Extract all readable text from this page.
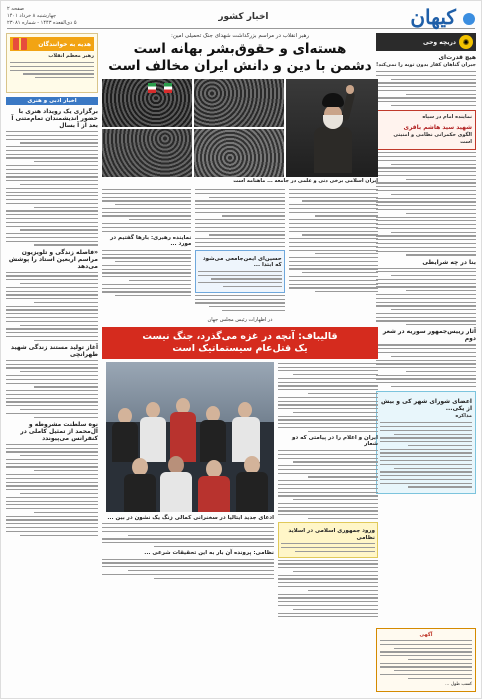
کیهان
اخبار کشور
صفحه ۲
چهارشنبه ۸ خرداد ۱۴۰۱
۵ ذی‌القعده ۱۴۴۳ - شماره ۲۳۰۸۱
✺
دریچه وحی
هیچ قدرت‌ای
جبران گناهان کفار بدون توبه را نمی‌کند!
نماینده امام در سپاه
شهید سید هاشم باقری
الگوی حکمرانی نظامی و امنیتی است
بنا در چه شرایطی
آثار رییس‌جمهور سوریه در شعر دوم
اعضای شورای شهر کی و بیش از یکی...
مذاکره
هدیه به خوانندگان
رهبر معظم انقلاب
اخبار ادبی و هنری
برگزاری یک رویداد هنری با حضور اندیشمندان تمام‌متنی آ بعد از آ بسال
«فاصله زندگی و تلویزیون مراسم اربعین استاد را پوشش می‌دهد
آغاز تولید مستند زندگی شهید طهرانچی
نوه سلطنت مشروطه و آل‌محمد از تمثیل کاملی در کنفرانس می‌پیوندد
رهبر انقلاب در مراسم بزرگداشت شهدای جنگ تحمیلی امین:
هسته‌ای و حقوق‌بشر بهانه است
دشمن با دین و دانش ایران مخالف است
ایران اسلامی برخی دنی و علمی در جامعه ... ماهنامه است
حسین‌ای ایمن‌جامعی می‌شود که ابتدا ...
نماینده رهبری: بارها گفتیم در مورد ...
در اظهارات رئیس مجلس جهان
قالیباف: آنچه در غزه می‌گذرد، جنگ نیست
یک قتل‌عام سیستماتیک است
ایران و اعلام را در پیامتی که دو شعار
ورود جمهوری اسلامی در اسلاید نظامی
ادعای جدید ایتالیا در سخنرانی کمالی زنگ یک نشون در بین ...
نظامی: پرونده آن بار به این تحقیقات شرعی ...
آگهی
کسب طول ...
